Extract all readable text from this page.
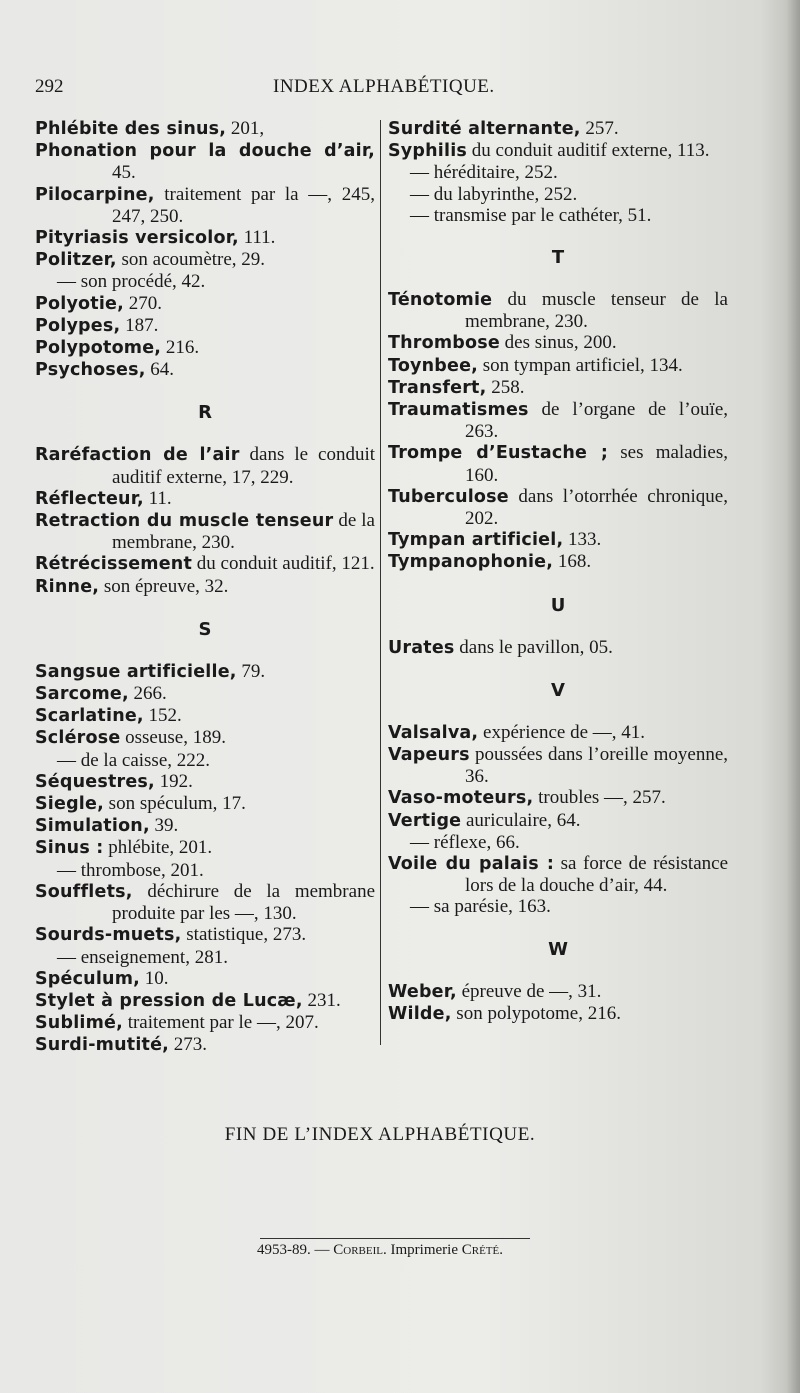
292	INDEX ALPHABÉTIQUE.

Phlébite des sinus, 201,

Phonation pour la douche d’air, 45.

Pilocarpine, traitement par la —, 245, 247, 250.

Pityriasis versicolor, 111.

Politzer, son acoumètre, 29.

— son procédé, 42.

Polyotie, 270.

Polypes, 187.

Polypotome, 216.

Psychoses, 64.

R

Raréfaction de l’air dans le conduit auditif externe, 17, 229.

Réflecteur, 11.

Retraction du muscle tenseur de la membrane, 230.

Rétrécissement du conduit auditif, 121.

Rinne, son épreuve, 32.

S

Sangsue artificielle, 79.

Sarcome, 266.

Scarlatine, 152.

Sclérose osseuse, 189.

— de la caisse, 222.

Séquestres, 192.

Siegle, son spéculum, 17.

Simulation, 39.

Sinus : phlébite, 201.

— thrombose, 201.

Soufflets, déchirure de la membrane produite par les —, 130.

Sourds-muets, statistique, 273.

— enseignement, 281.

Spéculum, 10.

Stylet à pression de Lucæ, 231.

Sublimé, traitement par le —, 207.

Surdi-mutité, 273.

Surdité alternante, 257.

Syphilis du conduit auditif externe, 113.

— héréditaire, 252.

— du labyrinthe, 252.

— transmise par le cathéter, 51.

T

Ténotomie du muscle tenseur de la membrane, 230.

Thrombose des sinus, 200.

Toynbee, son tympan artificiel, 134.

Transfert, 258.

Traumatismes de l’organe de l’ouïe, 263.

Trompe d’Eustache ; ses maladies, 160.

Tuberculose dans l’otorrhée chronique, 202.

Tympan artificiel, 133.

Tympanophonie, 168.

U

Urates dans le pavillon, 05.

V

Valsalva, expérience de —, 41.

Vapeurs poussées dans l’oreille moyenne, 36.

Vaso-moteurs, troubles —, 257.

Vertige auriculaire, 64.

— réflexe, 66.

Voile du palais : sa force de résistance lors de la douche d’air, 44.

— sa parésie, 163.

W

Weber, épreuve de —, 31.

Wilde, son polypotome, 216.

FIN DE L’INDEX ALPHABÉTIQUE.
4953-89. — Corbeil. Imprimerie Crété.
